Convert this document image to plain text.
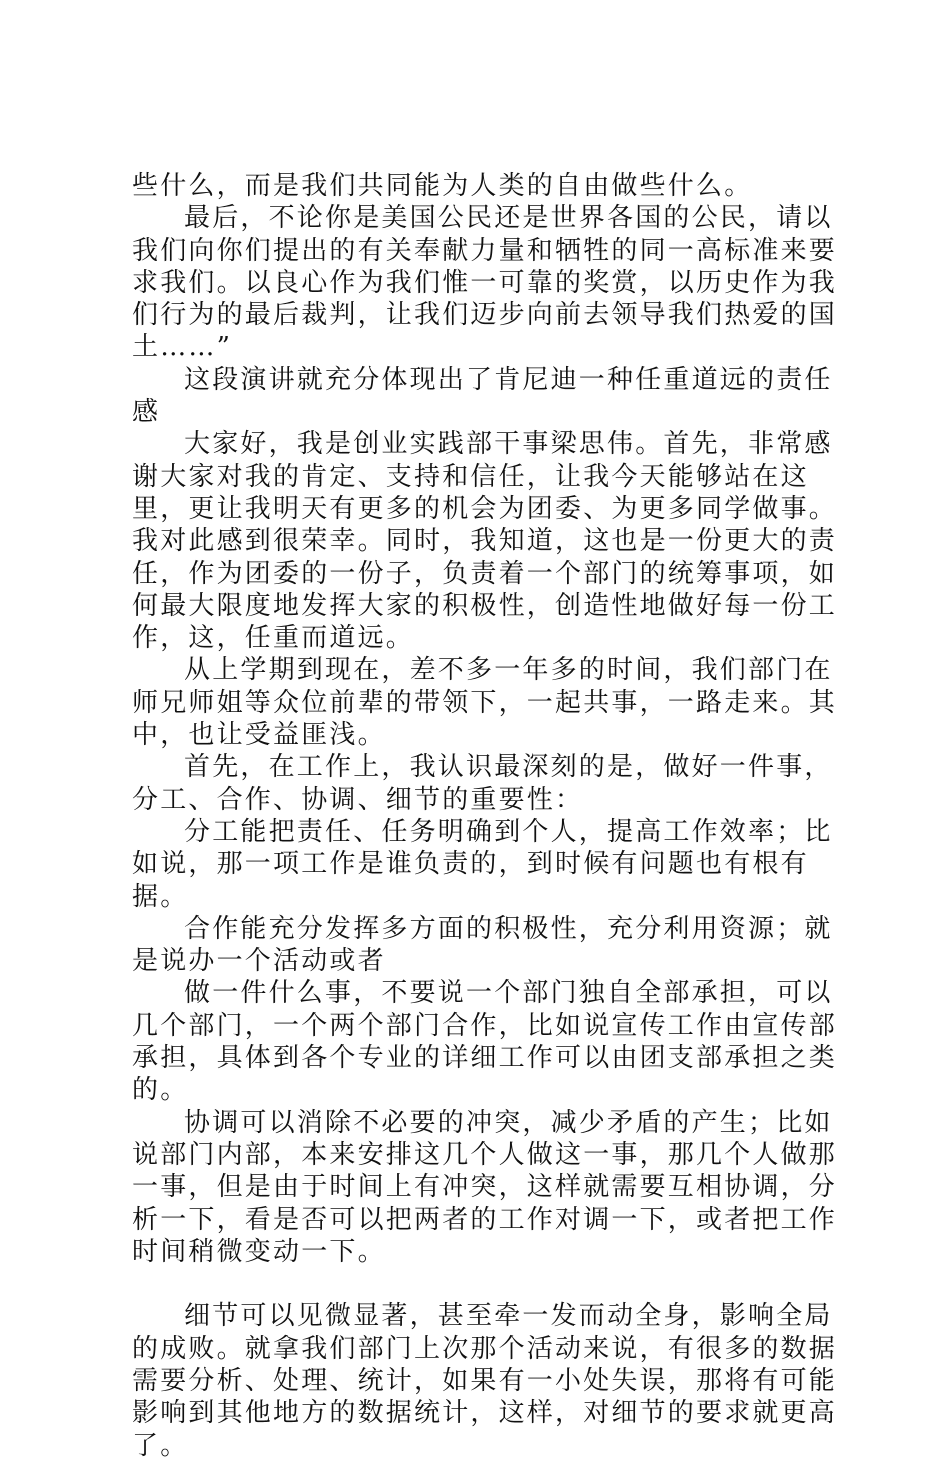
些什么，而是我们共同能为人类的自由做些什么。

最后，不论你是美国公民还是世界各国的公民，请以我们向你们提出的有关奉献力量和牺牲的同一高标准来要求我们。以良心作为我们惟一可靠的奖赏，以历史作为我们行为的最后裁判，让我们迈步向前去领导我们热爱的国土……”

这段演讲就充分体现出了肯尼迪一种任重道远的责任感

大家好，我是创业实践部干事梁思伟。首先，非常感谢大家对我的肯定、支持和信任，让我今天能够站在这里，更让我明天有更多的机会为团委、为更多同学做事。我对此感到很荣幸。同时，我知道，这也是一份更大的责任，作为团委的一份子，负责着一个部门的统筹事项，如何最大限度地发挥大家的积极性，创造性地做好每一份工作，这，任重而道远。

从上学期到现在，差不多一年多的时间，我们部门在师兄师姐等众位前辈的带领下，一起共事，一路走来。其中，也让受益匪浅。

首先，在工作上，我认识最深刻的是，做好一件事，分工、合作、协调、细节的重要性：

分工能把责任、任务明确到个人，提高工作效率；比如说，那一项工作是谁负责的，到时候有问题也有根有据。

合作能充分发挥多方面的积极性，充分利用资源；就是说办一个活动或者

做一件什么事，不要说一个部门独自全部承担，可以几个部门，一个两个部门合作，比如说宣传工作由宣传部承担，具体到各个专业的详细工作可以由团支部承担之类的。

协调可以消除不必要的冲突，减少矛盾的产生；比如说部门内部，本来安排这几个人做这一事，那几个人做那一事，但是由于时间上有冲突，这样就需要互相协调，分析一下，看是否可以把两者的工作对调一下，或者把工作时间稍微变动一下。

细节可以见微显著，甚至牵一发而动全身，影响全局的成败。就拿我们部门上次那个活动来说，有很多的数据需要分析、处理、统计，如果有一小处失误，那将有可能影响到其他地方的数据统计，这样，对细节的要求就更高了。
